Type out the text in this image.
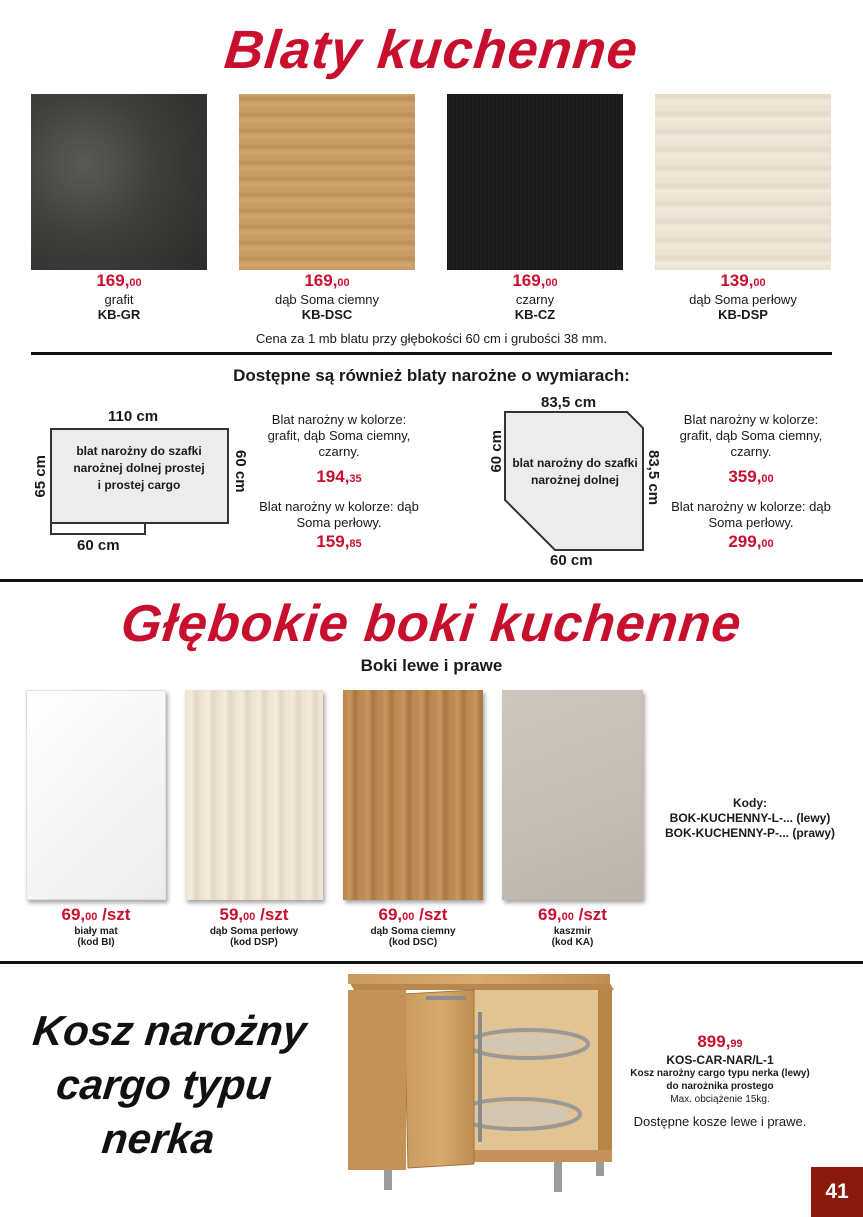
Blaty kuchenne
169,00
grafit
KB-GR
169,00
dąb Soma ciemny
KB-DSC
169,00
czarny
KB-CZ
139,00
dąb Soma perłowy
KB-DSP
Cena za 1 mb blatu przy głębokości 60 cm i grubości 38 mm.
Dostępne są również blaty narożne o wymiarach:
110 cm
blat narożny do szafki narożnej dolnej prostej i prostej cargo
65 cm	60 cm
60 cm
Blat narożny w kolorze: grafit, dąb Soma ciemny, czarny.
194,35
Blat narożny w kolorze: dąb Soma perłowy.
159,85
83,5 cm
blat narożny do szafki narożnej dolnej
60 cm	83,5 cm
60 cm
Blat narożny w kolorze: grafit, dąb Soma ciemny, czarny.
359,00
Blat narożny w kolorze: dąb Soma perłowy.
299,00
Głębokie boki kuchenne
Boki lewe i prawe
Kody:
BOK-KUCHENNY-L-... (lewy)
BOK-KUCHENNY-P-... (prawy)
69,00 /szt
biały mat
(kod BI)
59,00 /szt
dąb Soma perłowy
(kod DSP)
69,00 /szt
dąb Soma ciemny
(kod DSC)
69,00 /szt
kaszmir
(kod KA)
Kosz narożny
cargo typu
nerka
899,99
KOS-CAR-NAR/L-1
Kosz narożny cargo typu nerka (lewy)
do narożnika prostego
Max. obciążenie 15kg.
Dostępne kosze lewe i prawe.
41
